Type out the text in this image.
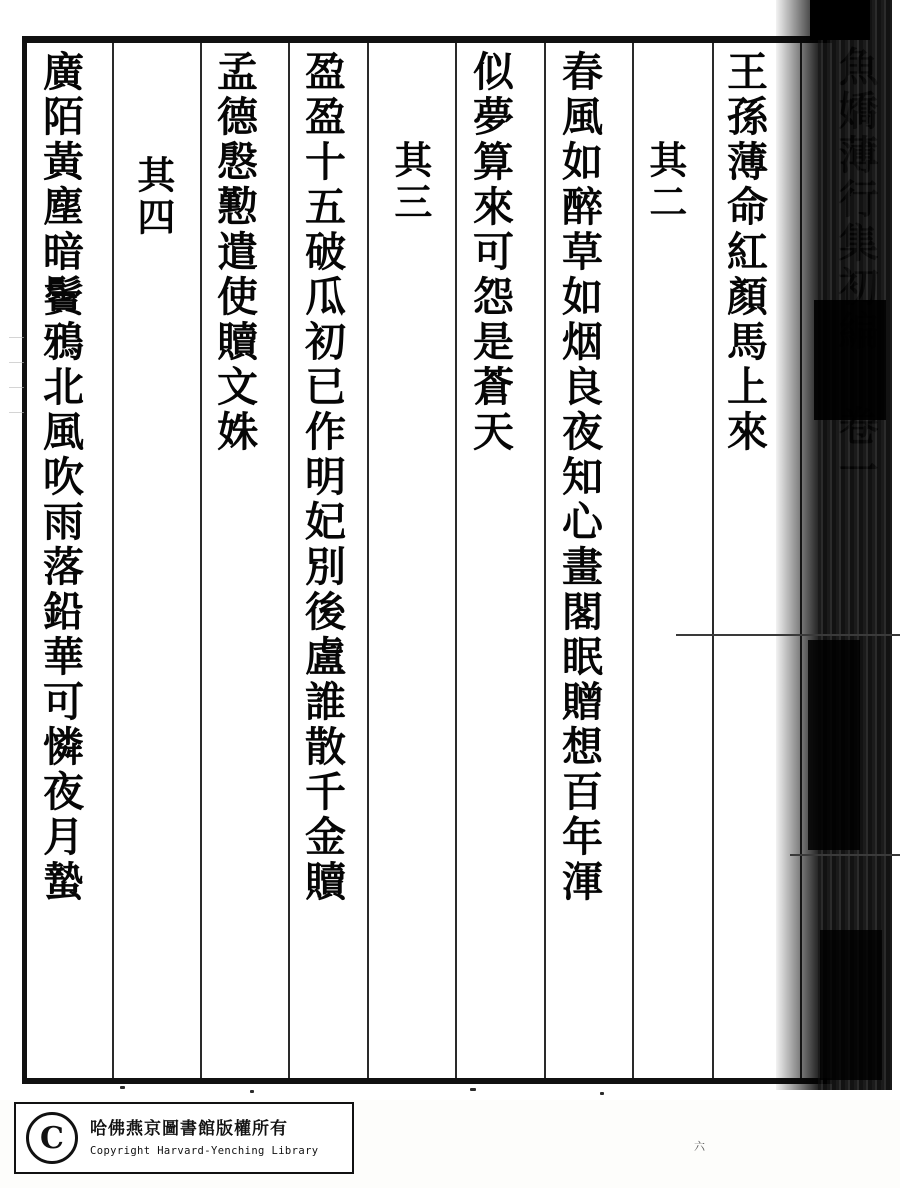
王孫薄命紅顏馬上來
其二
春風如醉草如烟良夜知心畫閣眠贈想百年渾
似夢算來可怨是蒼天
其三
盈盈十五破瓜初已作明妃別後盧誰散千金贖
孟德慇懃遣使贖文姝
其四
廣陌黃塵暗鬢鴉北風吹雨落鉛華可憐夜月蟄
｜｜｜｜
六
C	哈佛燕京圖書館版權所有
Copyright Harvard-Yenching Library
